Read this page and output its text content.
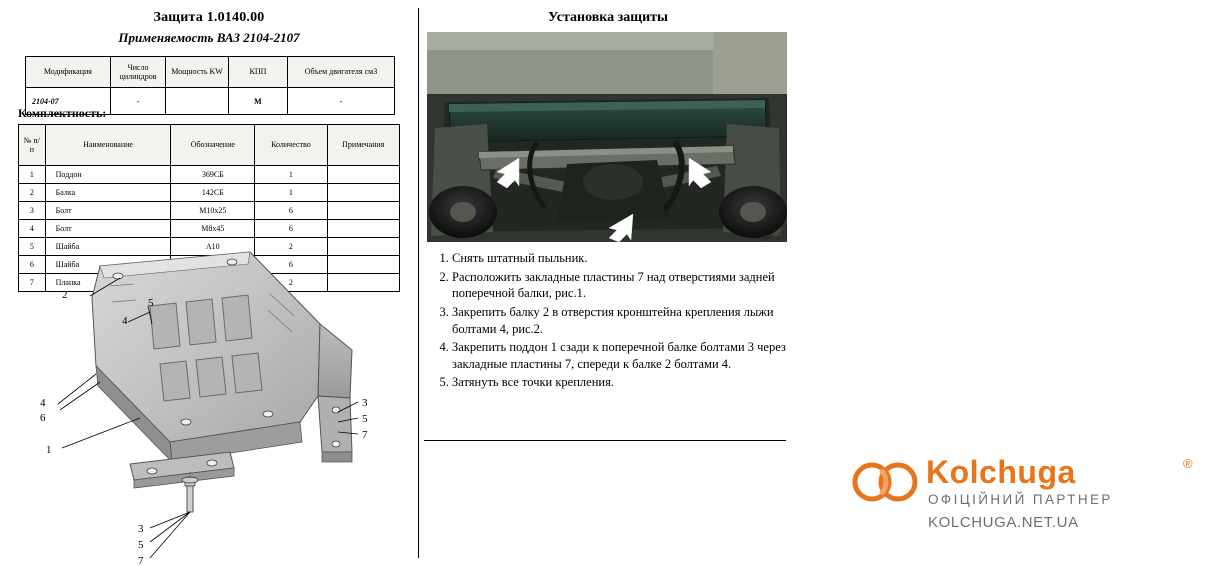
Защита 1.0140.00
Применяемость ВАЗ 2104-2107
Модификация	Число цилиндров	Мощность KW	КПП	Объем двигателя см3
2104-07	-		М	-
Комплектность:
№ п/п	Наименование	Обозначение	Количество	Примечания
1	Поддон	369СБ	1	
2	Балка	142СБ	1	
3	Болт	М10х25	6	
4	Болт	М8х45	6	
5	Шайба	А10	2	
6	Шайба		6	
7	Планка		2	
2
5
4
4
6
1
3
5
7
3
5
7
Установка защиты
рис.1
1. Снять штатный пыльник.
2. Расположить закладные пластины 7 над отверстиями задней поперечной балки, рис.1.
3. Закрепить балку 2 в отверстия кронштейна крепления лыжи болтами 4, рис.2.
4. Закрепить поддон 1 сзади к поперечной балке болтами 3 через закладные пластины 7, спереди к балке 2 болтами 4.
5. Затянуть все точки крепления.
Kolchuga	®
ОФІЦІЙНИЙ ПАРТНЕР
KOLCHUGA.NET.UA
